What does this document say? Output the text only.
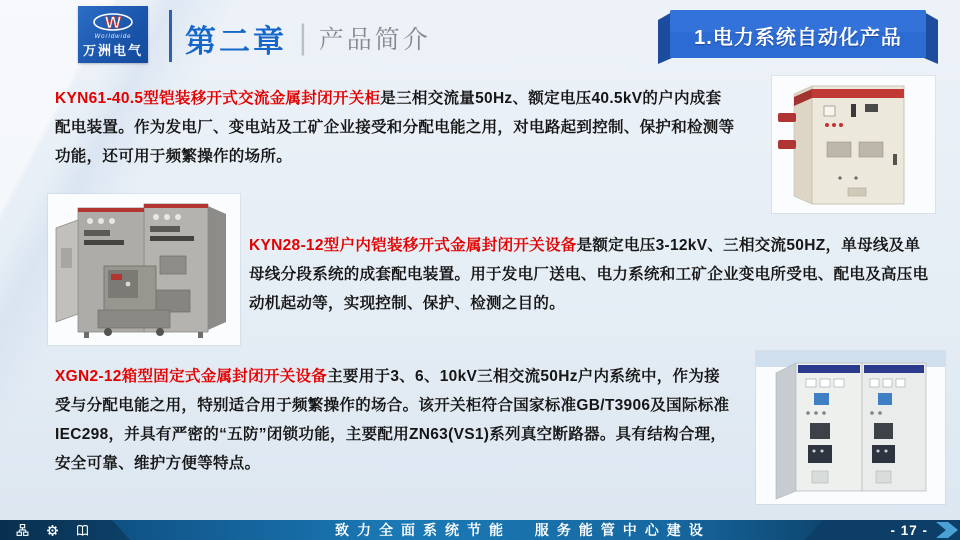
W
Worldwide
万洲电气 第二章 | 产品简介	1.电力系统自动化产品

KYN61-40.5型铠装移开式交流金属封闭开关柜是三相交流量50Hz、额定电压40.5kV的户内成套配电装置。作为发电厂、变电站及工矿企业接受和分配电能之用，对电路起到控制、保护和检测等功能，还可用于频繁操作的场所。

KYN28-12型户内铠装移开式金属封闭开关设备是额定电压3-12kV、三相交流50HZ，单母线及单母线分段系统的成套配电装置。用于发电厂送电、电力系统和工矿企业变电所受电、配电及高压电动机起动等，实现控制、保护、检测之目的。

XGN2-12箱型固定式金属封闭开关设备主要用于3、6、10kV三相交流50Hz户内系统中，作为接受与分配电能之用，特别适合用于频繁操作的场合。该开关柜符合国家标准GB/T3906及国际标准IEC298，并具有严密的“五防”闭锁功能，主要配用ZN63(VS1)系列真空断路器。具有结构合理，安全可靠、维护方便等特点。

致力全面系统节能  服务能管中心建设	- 17 -
